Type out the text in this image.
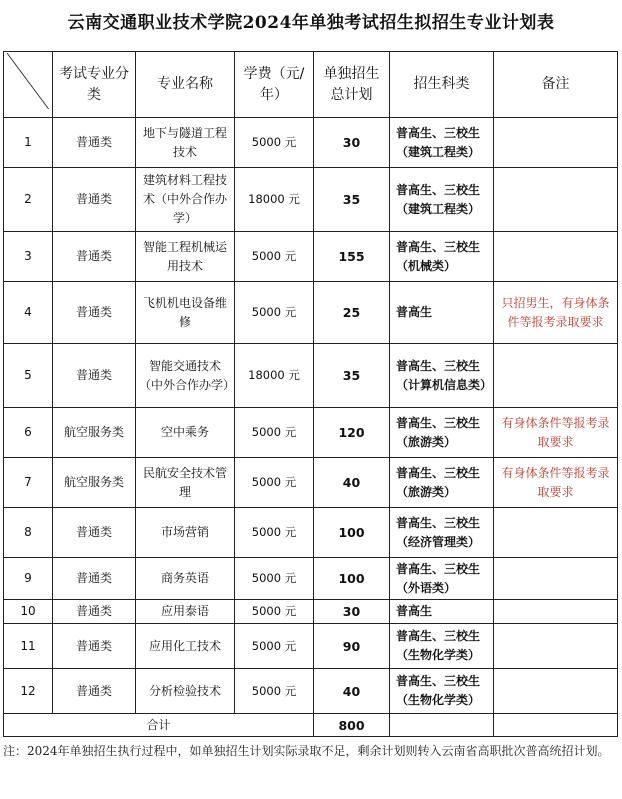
云南交通职业技术学院2024年单独考试招生拟招生专业计划表
	考试专业分类	专业名称	学费（元/年）	单独招生总计划	招生科类	备注
1	普通类	地下与隧道工程技术	5000 元	30	普高生、三校生（建筑工程类）	
2	普通类	建筑材料工程技术（中外合作办学）	18000 元	35	普高生、三校生（建筑工程类）	
3	普通类	智能工程机械运用技术	5000 元	155	普高生、三校生（机械类）	
4	普通类	飞机机电设备维修	5000 元	25	普高生	只招男生，有身体条件等报考录取要求
5	普通类	智能交通技术（中外合作办学）	18000 元	35	普高生、三校生（计算机信息类）	
6	航空服务类	空中乘务	5000 元	120	普高生、三校生（旅游类）	有身体条件等报考录取要求
7	航空服务类	民航安全技术管理	5000 元	40	普高生、三校生（旅游类）	有身体条件等报考录取要求
8	普通类	市场营销	5000 元	100	普高生、三校生（经济管理类）	
9	普通类	商务英语	5000 元	100	普高生、三校生（外语类）	
10	普通类	应用泰语	5000 元	30	普高生	
11	普通类	应用化工技术	5000 元	90	普高生、三校生（生物化学类）	
12	普通类	分析检验技术	5000 元	40	普高生、三校生（生物化学类）	
合计				800		
注：2024年单独招生执行过程中，如单独招生计划实际录取不足，剩余计划则转入云南省高职批次普高统招计划。
